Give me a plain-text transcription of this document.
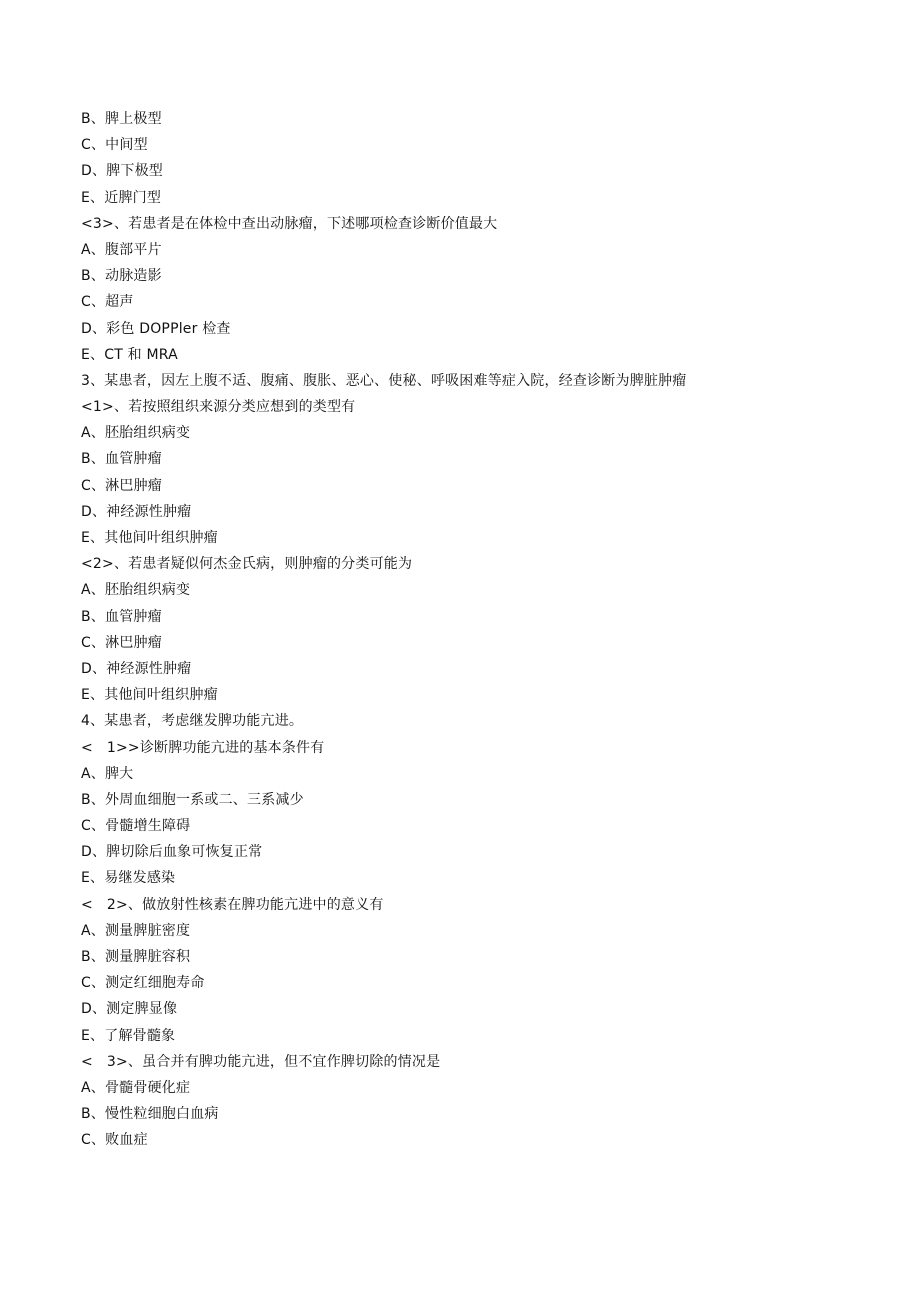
B、脾上极型
C、中间型
D、脾下极型
E、近脾门型
<3>、若患者是在体检中查出动脉瘤，下述哪项检查诊断价值最大
A、腹部平片
B、动脉造影
C、超声
D、彩色 DOPPler 检查
E、CT 和 MRA
3、某患者，因左上腹不适、腹痛、腹胀、恶心、使秘、呼吸困难等症入院，经查诊断为脾脏肿瘤
<1>、若按照组织来源分类应想到的类型有
A、胚胎组织病变
B、血管肿瘤
C、淋巴肿瘤
D、神经源性肿瘤
E、其他间叶组织肿瘤
<2>、若患者疑似何杰金氏病，则肿瘤的分类可能为
A、胚胎组织病变
B、血管肿瘤
C、淋巴肿瘤
D、神经源性肿瘤
E、其他间叶组织肿瘤
4、某患者，考虑继发脾功能亢进。
<   1>>诊断脾功能亢进的基本条件有
A、脾大
B、外周血细胞一系或二、三系减少
C、骨髓增生障碍
D、脾切除后血象可恢复正常
E、易继发感染
<   2>、做放射性核素在脾功能亢进中的意义有
A、测量脾脏密度
B、测量脾脏容积
C、测定红细胞寿命
D、测定脾显像
E、了解骨髓象
<   3>、虽合并有脾功能亢进，但不宜作脾切除的情况是
A、骨髓骨硬化症
B、慢性粒细胞白血病
C、败血症
